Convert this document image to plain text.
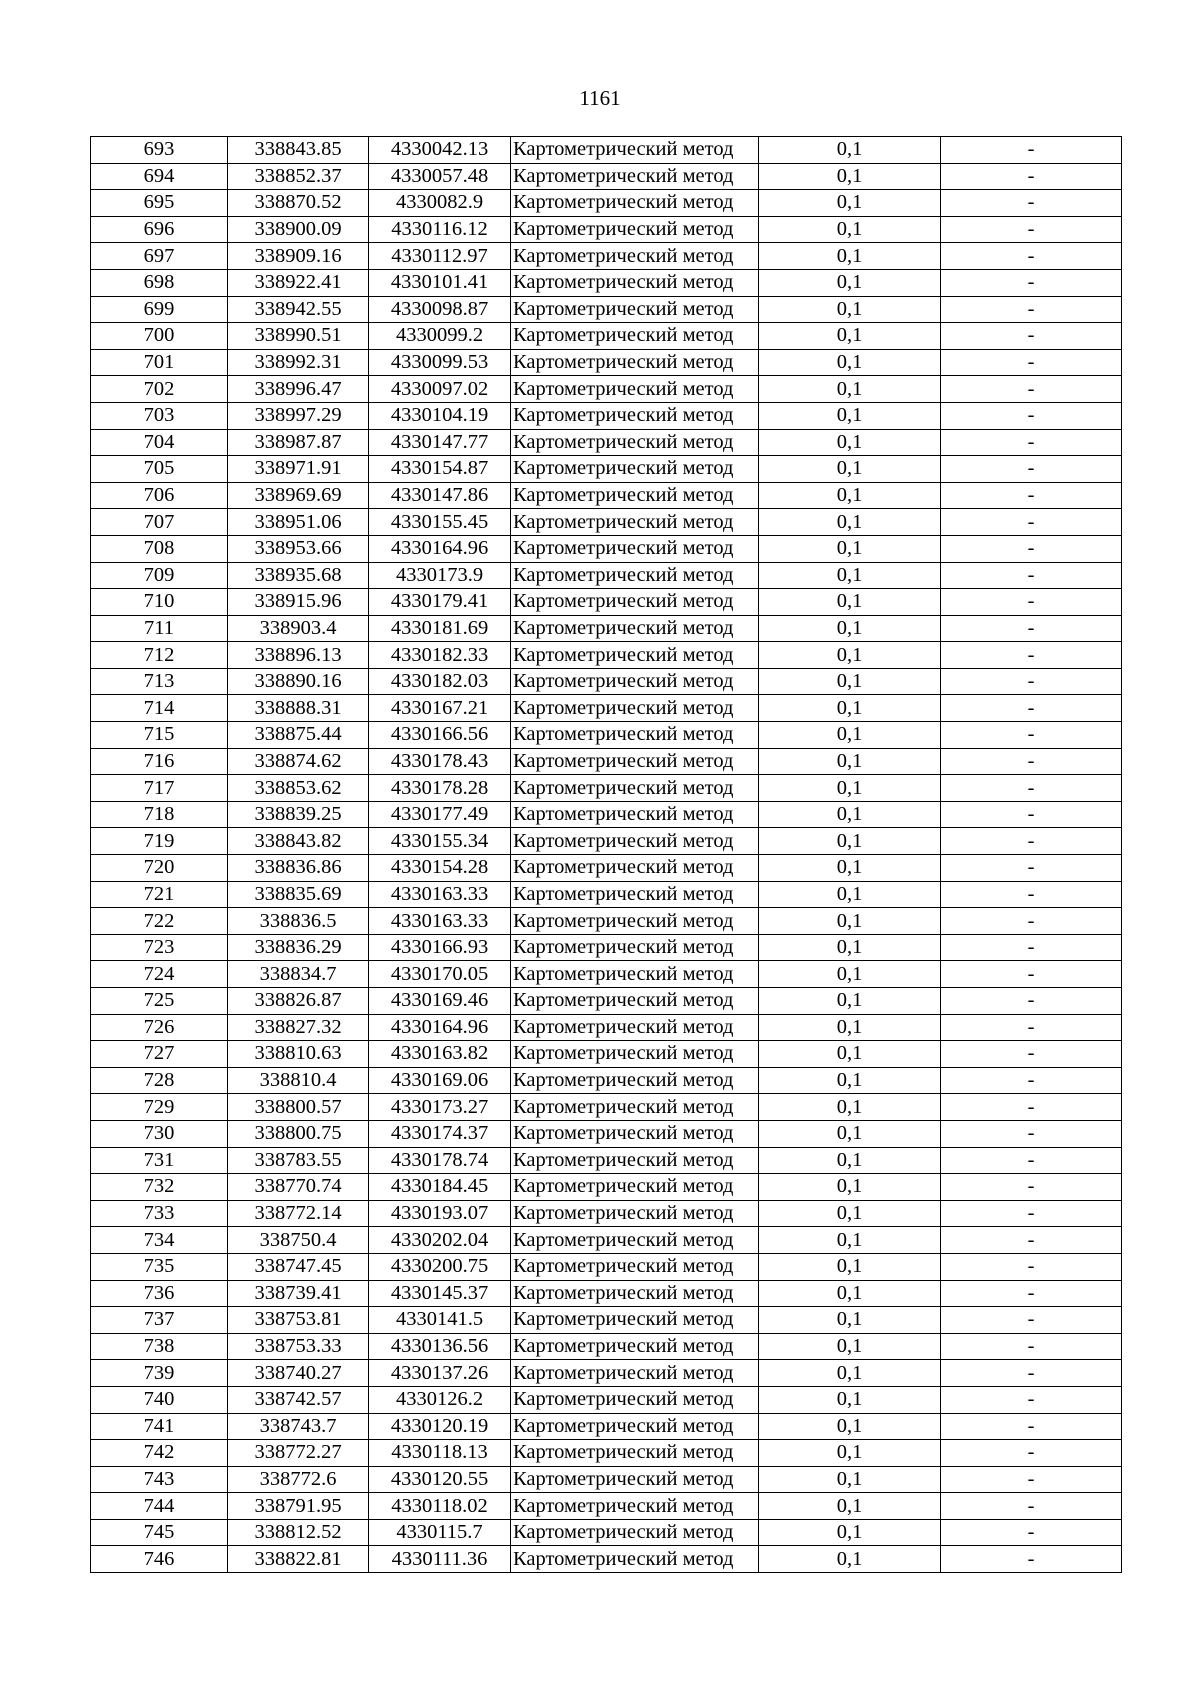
1161
693	338843.85	4330042.13	Картометрический метод	0,1	-
694	338852.37	4330057.48	Картометрический метод	0,1	-
695	338870.52	4330082.9	Картометрический метод	0,1	-
696	338900.09	4330116.12	Картометрический метод	0,1	-
697	338909.16	4330112.97	Картометрический метод	0,1	-
698	338922.41	4330101.41	Картометрический метод	0,1	-
699	338942.55	4330098.87	Картометрический метод	0,1	-
700	338990.51	4330099.2	Картометрический метод	0,1	-
701	338992.31	4330099.53	Картометрический метод	0,1	-
702	338996.47	4330097.02	Картометрический метод	0,1	-
703	338997.29	4330104.19	Картометрический метод	0,1	-
704	338987.87	4330147.77	Картометрический метод	0,1	-
705	338971.91	4330154.87	Картометрический метод	0,1	-
706	338969.69	4330147.86	Картометрический метод	0,1	-
707	338951.06	4330155.45	Картометрический метод	0,1	-
708	338953.66	4330164.96	Картометрический метод	0,1	-
709	338935.68	4330173.9	Картометрический метод	0,1	-
710	338915.96	4330179.41	Картометрический метод	0,1	-
711	338903.4	4330181.69	Картометрический метод	0,1	-
712	338896.13	4330182.33	Картометрический метод	0,1	-
713	338890.16	4330182.03	Картометрический метод	0,1	-
714	338888.31	4330167.21	Картометрический метод	0,1	-
715	338875.44	4330166.56	Картометрический метод	0,1	-
716	338874.62	4330178.43	Картометрический метод	0,1	-
717	338853.62	4330178.28	Картометрический метод	0,1	-
718	338839.25	4330177.49	Картометрический метод	0,1	-
719	338843.82	4330155.34	Картометрический метод	0,1	-
720	338836.86	4330154.28	Картометрический метод	0,1	-
721	338835.69	4330163.33	Картометрический метод	0,1	-
722	338836.5	4330163.33	Картометрический метод	0,1	-
723	338836.29	4330166.93	Картометрический метод	0,1	-
724	338834.7	4330170.05	Картометрический метод	0,1	-
725	338826.87	4330169.46	Картометрический метод	0,1	-
726	338827.32	4330164.96	Картометрический метод	0,1	-
727	338810.63	4330163.82	Картометрический метод	0,1	-
728	338810.4	4330169.06	Картометрический метод	0,1	-
729	338800.57	4330173.27	Картометрический метод	0,1	-
730	338800.75	4330174.37	Картометрический метод	0,1	-
731	338783.55	4330178.74	Картометрический метод	0,1	-
732	338770.74	4330184.45	Картометрический метод	0,1	-
733	338772.14	4330193.07	Картометрический метод	0,1	-
734	338750.4	4330202.04	Картометрический метод	0,1	-
735	338747.45	4330200.75	Картометрический метод	0,1	-
736	338739.41	4330145.37	Картометрический метод	0,1	-
737	338753.81	4330141.5	Картометрический метод	0,1	-
738	338753.33	4330136.56	Картометрический метод	0,1	-
739	338740.27	4330137.26	Картометрический метод	0,1	-
740	338742.57	4330126.2	Картометрический метод	0,1	-
741	338743.7	4330120.19	Картометрический метод	0,1	-
742	338772.27	4330118.13	Картометрический метод	0,1	-
743	338772.6	4330120.55	Картометрический метод	0,1	-
744	338791.95	4330118.02	Картометрический метод	0,1	-
745	338812.52	4330115.7	Картометрический метод	0,1	-
746	338822.81	4330111.36	Картометрический метод	0,1	-
